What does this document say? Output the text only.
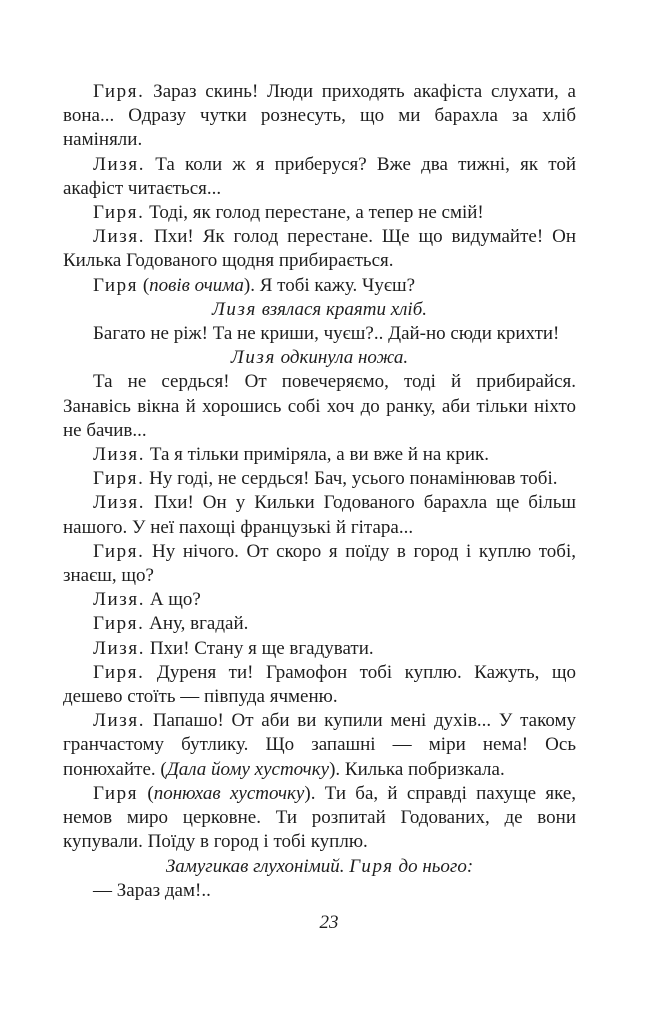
Гиря. Зараз скинь! Люди приходять акафіста слухати, а вона... Одразу чутки рознесуть, що ми барахла за хліб наміняли.

Лизя. Та коли ж я приберуся? Вже два тижні, як той акафіст читається...

Гиря. Тоді, як голод перестане, а тепер не смій!

Лизя. Пхи! Як голод перестане. Ще що видумайте! Он Килька Годованого щодня прибирається.

Гиря (повів очима). Я тобі кажу. Чуєш?

Лизя взялася краяти хліб.

Багато не ріж! Та не криши, чуєш?.. Дай-но сюди крихти!

Лизя одкинула ножа.

Та не сердься! От повечеряємо, тоді й прибирайся. Занавісь вікна й хорошись собі хоч до ранку, аби тільки ніхто не бачив...

Лизя. Та я тільки приміряла, а ви вже й на крик.

Гиря. Ну годі, не сердься! Бач, усього понамінював тобі.

Лизя. Пхи! Он у Кильки Годованого барахла ще більш нашого. У неї пахощі французькі й гітара...

Гиря. Ну нічого. От скоро я поїду в город і куплю тобі, знаєш, що?

Лизя. А що?

Гиря. Ану, вгадай.

Лизя. Пхи! Стану я ще вгадувати.

Гиря. Дуреня ти! Грамофон тобі куплю. Кажуть, що дешево стоїть — півпуда ячменю.

Лизя. Папашо! От аби ви купили мені духів... У такому гранчастому бутлику. Що запашні — міри нема! Ось понюхайте. (Дала йому хусточку). Килька побризкала.

Гиря (понюхав хусточку). Ти ба, й справді пахуще яке, немов миро церковне. Ти розпитай Годованих, де вони купували. Поїду в город і тобі куплю.

Замугикав глухонімий. Гиря до нього:

— Зараз дам!..

23
